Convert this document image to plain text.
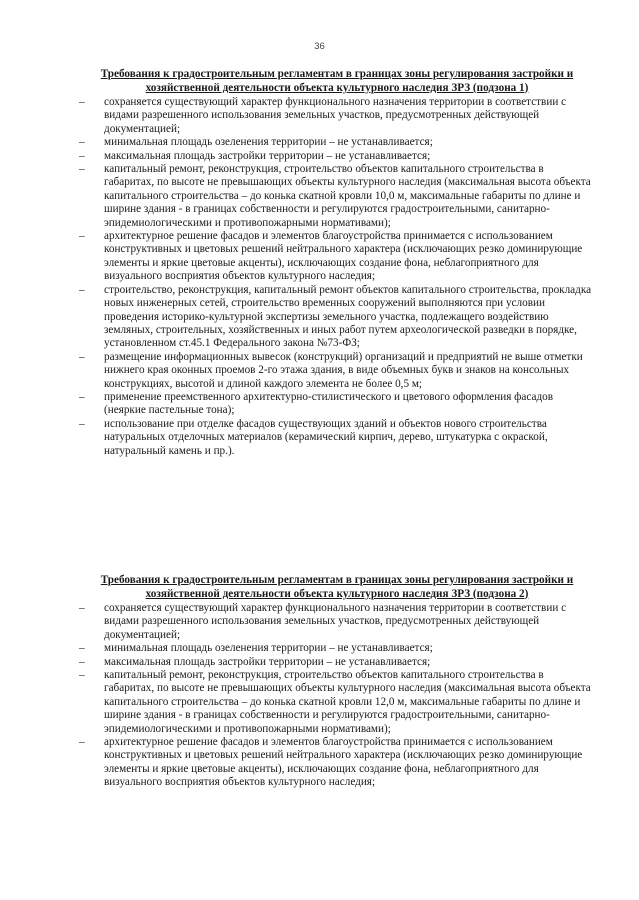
36

Требования к градостроительным регламентам в границах зоны регулирования застройки и хозяйственной деятельности объекта культурного наследия ЗРЗ (подзона 1)

–	сохраняется существующий характер функционального назначения территории в соответствии с видами разрешенного использования земельных участков, предусмотренных действующей документацией;
–	минимальная площадь озеленения территории – не устанавливается;
–	максимальная площадь застройки территории – не устанавливается;
–	капитальный ремонт, реконструкция, строительство объектов капитального строительства в габаритах, по высоте не превышающих объекты культурного наследия (максимальная высота объекта капитального строительства – до конька скатной кровли 10,0 м, максимальные габариты по длине и ширине здания - в границах собственности и регулируются градостроительными, санитарно-эпидемиологическими и противопожарными нормативами);
–	архитектурное решение фасадов и элементов благоустройства принимается с использованием конструктивных и цветовых решений нейтрального характера (исключающих резко доминирующие элементы и яркие цветовые акценты), исключающих создание фона, неблагоприятного для визуального восприятия объектов культурного наследия;
–	строительство, реконструкция, капитальный ремонт объектов капитального строительства, прокладка новых инженерных сетей, строительство временных сооружений выполняются при условии проведения историко-культурной экспертизы земельного участка, подлежащего воздействию земляных, строительных, хозяйственных и иных работ путем археологической разведки в порядке, установленном ст.45.1 Федерального закона №73-ФЗ;
–	размещение информационных вывесок (конструкций) организаций и предприятий не выше отметки нижнего края оконных проемов 2-го этажа здания, в виде объемных букв и знаков на консольных конструкциях, высотой и длиной каждого элемента не более 0,5 м;
–	применение преемственного архитектурно-стилистического и цветового оформления фасадов (неяркие пастельные тона);
–	использование при отделке фасадов существующих зданий и объектов нового строительства натуральных отделочных материалов (керамический кирпич, дерево, штукатурка с окраской, натуральный камень и пр.).

Требования к градостроительным регламентам в границах зоны регулирования застройки и хозяйственной деятельности объекта культурного наследия ЗРЗ (подзона 2)

–	сохраняется существующий характер функционального назначения территории в соответствии с видами разрешенного использования земельных участков, предусмотренных действующей документацией;
–	минимальная площадь озеленения территории – не устанавливается;
–	максимальная площадь застройки территории – не устанавливается;
–	капитальный ремонт, реконструкция, строительство объектов капитального строительства в габаритах, по высоте не превышающих объекты культурного наследия (максимальная высота объекта капитального строительства – до конька скатной кровли 12,0 м, максимальные габариты по длине и ширине здания - в границах собственности и регулируются градостроительными, санитарно-эпидемиологическими и противопожарными нормативами);
–	архитектурное решение фасадов и элементов благоустройства принимается с использованием конструктивных и цветовых решений нейтрального характера (исключающих резко доминирующие элементы и яркие цветовые акценты), исключающих создание фона, неблагоприятного для визуального восприятия объектов культурного наследия;
